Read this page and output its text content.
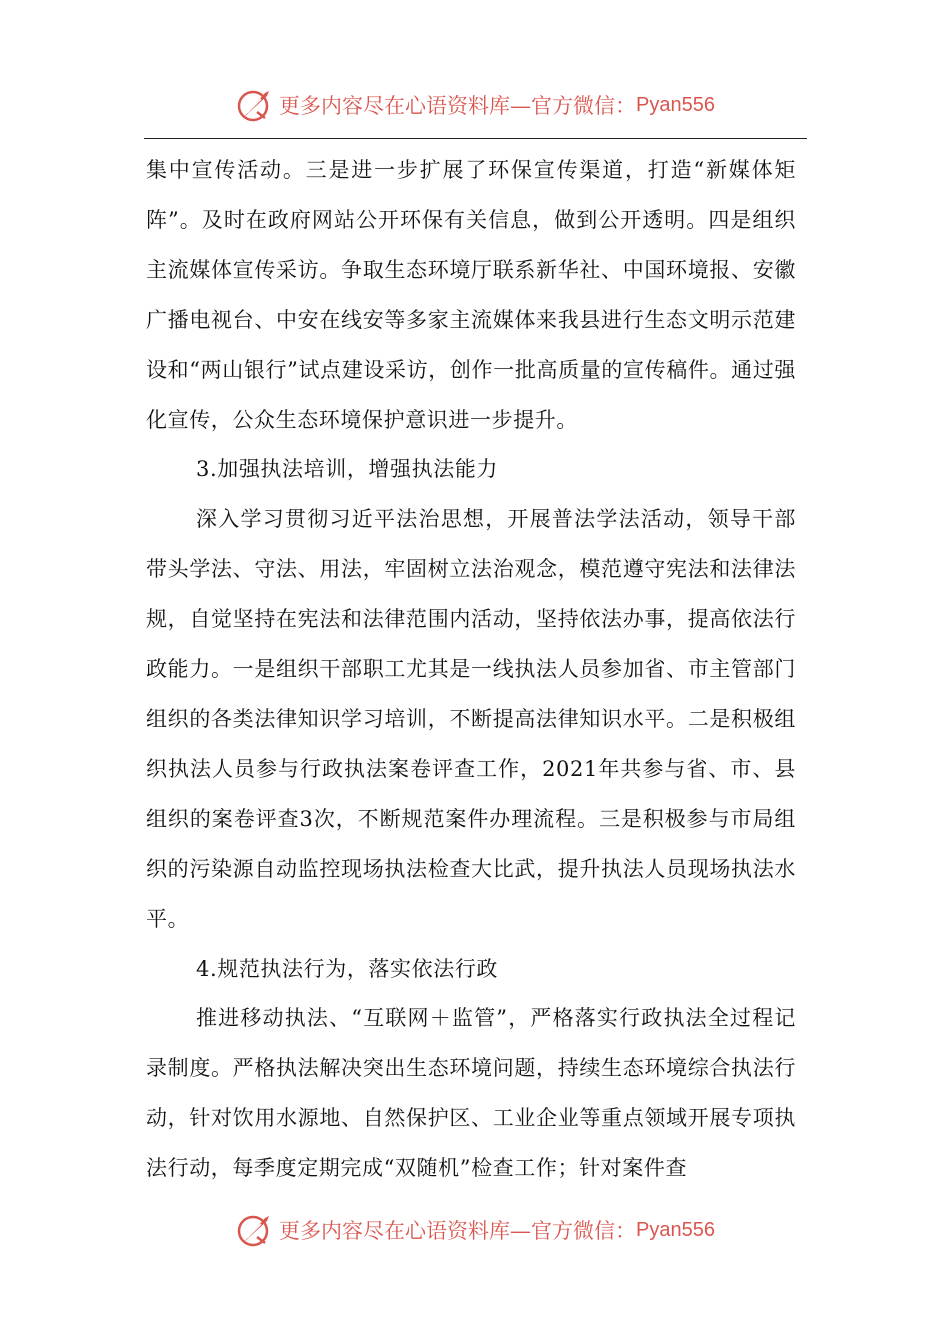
更多内容尽在心语资料库—官方微信： Pyan556

集中宣传活动。三是进一步扩展了环保宣传渠道，打造“新媒体矩阵”。及时在政府网站公开环保有关信息，做到公开透明。四是组织主流媒体宣传采访。争取生态环境厅联系新华社、中国环境报、安徽广播电视台、中安在线安等多家主流媒体来我县进行生态文明示范建设和“两山银行”试点建设采访，创作一批高质量的宣传稿件。通过强化宣传，公众生态环境保护意识进一步提升。

3.加强执法培训，增强执法能力

深入学习贯彻习近平法治思想，开展普法学法活动，领导干部带头学法、守法、用法，牢固树立法治观念，模范遵守宪法和法律法规，自觉坚持在宪法和法律范围内活动，坚持依法办事，提高依法行政能力。一是组织干部职工尤其是一线执法人员参加省、市主管部门组织的各类法律知识学习培训，不断提高法律知识水平。二是积极组织执法人员参与行政执法案卷评查工作，2021年共参与省、市、县组织的案卷评查3次，不断规范案件办理流程。三是积极参与市局组织的污染源自动监控现场执法检查大比武，提升执法人员现场执法水平。

4.规范执法行为，落实依法行政

推进移动执法、“互联网＋监管”，严格落实行政执法全过程记录制度。严格执法解决突出生态环境问题，持续生态环境综合执法行动，针对饮用水源地、自然保护区、工业企业等重点领域开展专项执法行动，每季度定期完成“双随机”检查工作；针对案件查

更多内容尽在心语资料库—官方微信： Pyan556
